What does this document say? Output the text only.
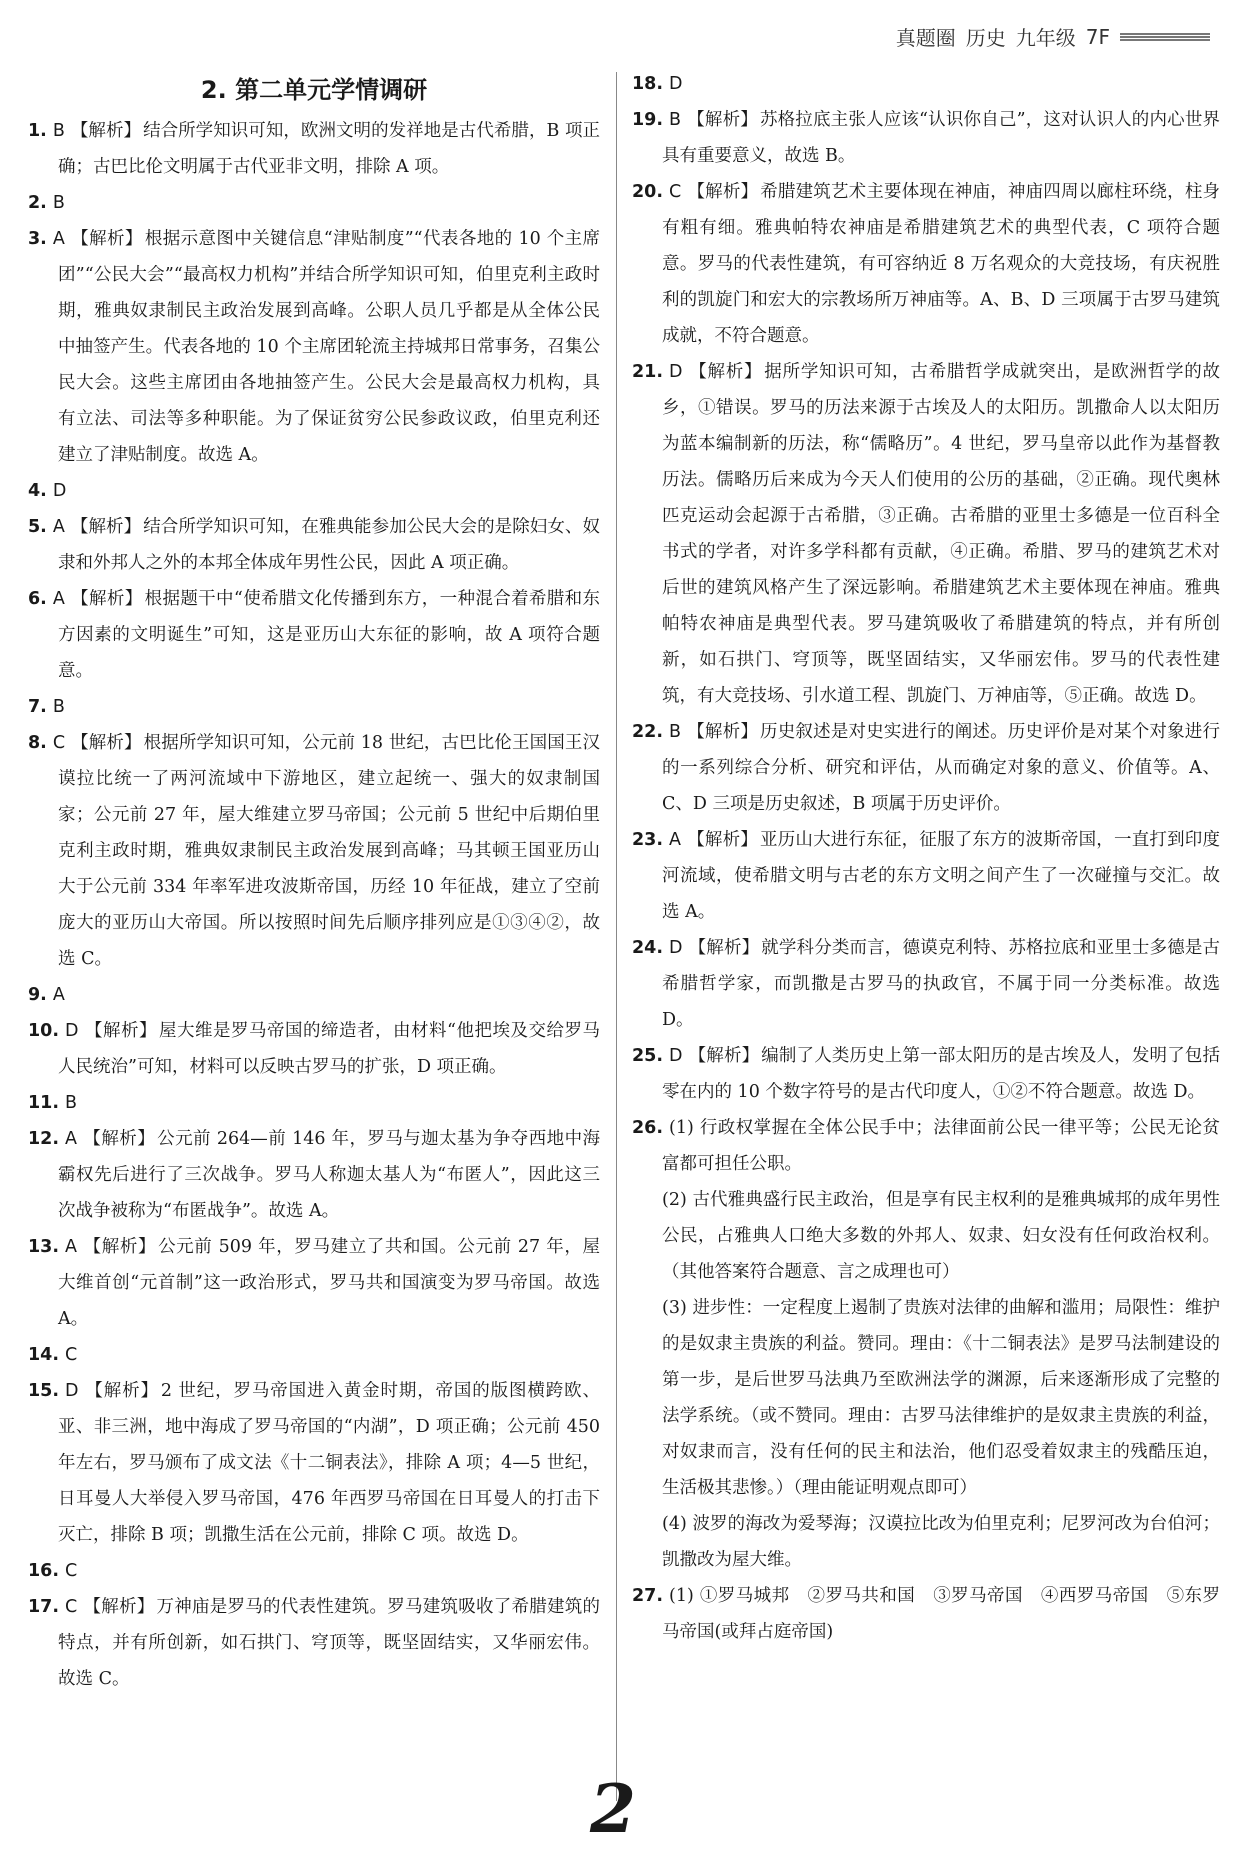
真题圈 历史 九年级 7F
2. 第二单元学情调研
1. B 【解析】 结合所学知识可知，欧洲文明的发祥地是古代希腊，B 项正确；古巴比伦文明属于古代亚非文明，排除 A 项。
2. B
3. A 【解析】 根据示意图中关键信息“津贴制度”“代表各地的 10 个主席团”“公民大会”“最高权力机构”并结合所学知识可知，伯里克利主政时期，雅典奴隶制民主政治发展到高峰。公职人员几乎都是从全体公民中抽签产生。代表各地的 10 个主席团轮流主持城邦日常事务，召集公民大会。这些主席团由各地抽签产生。公民大会是最高权力机构，具有立法、司法等多种职能。为了保证贫穷公民参政议政，伯里克利还建立了津贴制度。故选 A。
4. D
5. A 【解析】 结合所学知识可知，在雅典能参加公民大会的是除妇女、奴隶和外邦人之外的本邦全体成年男性公民，因此 A 项正确。
6. A 【解析】 根据题干中“使希腊文化传播到东方，一种混合着希腊和东方因素的文明诞生”可知，这是亚历山大东征的影响，故 A 项符合题意。
7. B
8. C 【解析】 根据所学知识可知，公元前 18 世纪，古巴比伦王国国王汉谟拉比统一了两河流域中下游地区，建立起统一、强大的奴隶制国家；公元前 27 年，屋大维建立罗马帝国；公元前 5 世纪中后期伯里克利主政时期，雅典奴隶制民主政治发展到高峰；马其顿王国亚历山大于公元前 334 年率军进攻波斯帝国，历经 10 年征战，建立了空前庞大的亚历山大帝国。所以按照时间先后顺序排列应是①③④②，故选 C。
9. A
10. D 【解析】 屋大维是罗马帝国的缔造者，由材料“他把埃及交给罗马人民统治”可知，材料可以反映古罗马的扩张，D 项正确。
11. B
12. A 【解析】 公元前 264—前 146 年，罗马与迦太基为争夺西地中海霸权先后进行了三次战争。罗马人称迦太基人为“布匿人”，因此这三次战争被称为“布匿战争”。故选 A。
13. A 【解析】 公元前 509 年，罗马建立了共和国。公元前 27 年，屋大维首创“元首制”这一政治形式，罗马共和国演变为罗马帝国。故选 A。
14. C
15. D 【解析】 2 世纪，罗马帝国进入黄金时期，帝国的版图横跨欧、亚、非三洲，地中海成了罗马帝国的“内湖”，D 项正确；公元前 450 年左右，罗马颁布了成文法《十二铜表法》，排除 A 项；4—5 世纪，日耳曼人大举侵入罗马帝国，476 年西罗马帝国在日耳曼人的打击下灭亡，排除 B 项；凯撒生活在公元前，排除 C 项。故选 D。
16. C
17. C 【解析】 万神庙是罗马的代表性建筑。罗马建筑吸收了希腊建筑的特点，并有所创新，如石拱门、穹顶等，既坚固结实，又华丽宏伟。故选 C。
18. D
19. B 【解析】 苏格拉底主张人应该“认识你自己”，这对认识人的内心世界具有重要意义，故选 B。
20. C 【解析】 希腊建筑艺术主要体现在神庙，神庙四周以廊柱环绕，柱身有粗有细。雅典帕特农神庙是希腊建筑艺术的典型代表，C 项符合题意。罗马的代表性建筑，有可容纳近 8 万名观众的大竞技场，有庆祝胜利的凯旋门和宏大的宗教场所万神庙等。A、B、D 三项属于古罗马建筑成就，不符合题意。
21. D 【解析】 据所学知识可知，古希腊哲学成就突出，是欧洲哲学的故乡，①错误。罗马的历法来源于古埃及人的太阳历。凯撒命人以太阳历为蓝本编制新的历法，称“儒略历”。4 世纪，罗马皇帝以此作为基督教历法。儒略历后来成为今天人们使用的公历的基础，②正确。现代奥林匹克运动会起源于古希腊，③正确。古希腊的亚里士多德是一位百科全书式的学者，对许多学科都有贡献，④正确。希腊、罗马的建筑艺术对后世的建筑风格产生了深远影响。希腊建筑艺术主要体现在神庙。雅典帕特农神庙是典型代表。罗马建筑吸收了希腊建筑的特点，并有所创新，如石拱门、穹顶等，既坚固结实，又华丽宏伟。罗马的代表性建筑，有大竞技场、引水道工程、凯旋门、万神庙等，⑤正确。故选 D。
22. B 【解析】 历史叙述是对史实进行的阐述。历史评价是对某个对象进行的一系列综合分析、研究和评估，从而确定对象的意义、价值等。A、C、D 三项是历史叙述，B 项属于历史评价。
23. A 【解析】 亚历山大进行东征，征服了东方的波斯帝国，一直打到印度河流域，使希腊文明与古老的东方文明之间产生了一次碰撞与交汇。故选 A。
24. D 【解析】 就学科分类而言，德谟克利特、苏格拉底和亚里士多德是古希腊哲学家，而凯撒是古罗马的执政官，不属于同一分类标准。故选 D。
25. D 【解析】 编制了人类历史上第一部太阳历的是古埃及人，发明了包括零在内的 10 个数字符号的是古代印度人，①②不符合题意。故选 D。
26. (1) 行政权掌握在全体公民手中；法律面前公民一律平等；公民无论贫富都可担任公职。
(2) 古代雅典盛行民主政治，但是享有民主权利的是雅典城邦的成年男性公民，占雅典人口绝大多数的外邦人、奴隶、妇女没有任何政治权利。（其他答案符合题意、言之成理也可）
(3) 进步性：一定程度上遏制了贵族对法律的曲解和滥用；局限性：维护的是奴隶主贵族的利益。赞同。理由：《十二铜表法》是罗马法制建设的第一步，是后世罗马法典乃至欧洲法学的渊源，后来逐渐形成了完整的法学系统。（或不赞同。理由：古罗马法律维护的是奴隶主贵族的利益，对奴隶而言，没有任何的民主和法治，他们忍受着奴隶主的残酷压迫，生活极其悲惨。）（理由能证明观点即可）
(4) 波罗的海改为爱琴海；汉谟拉比改为伯里克利；尼罗河改为台伯河；凯撒改为屋大维。
27. (1) ①罗马城邦　②罗马共和国　③罗马帝国　④西罗马帝国　⑤东罗马帝国(或拜占庭帝国)
2
